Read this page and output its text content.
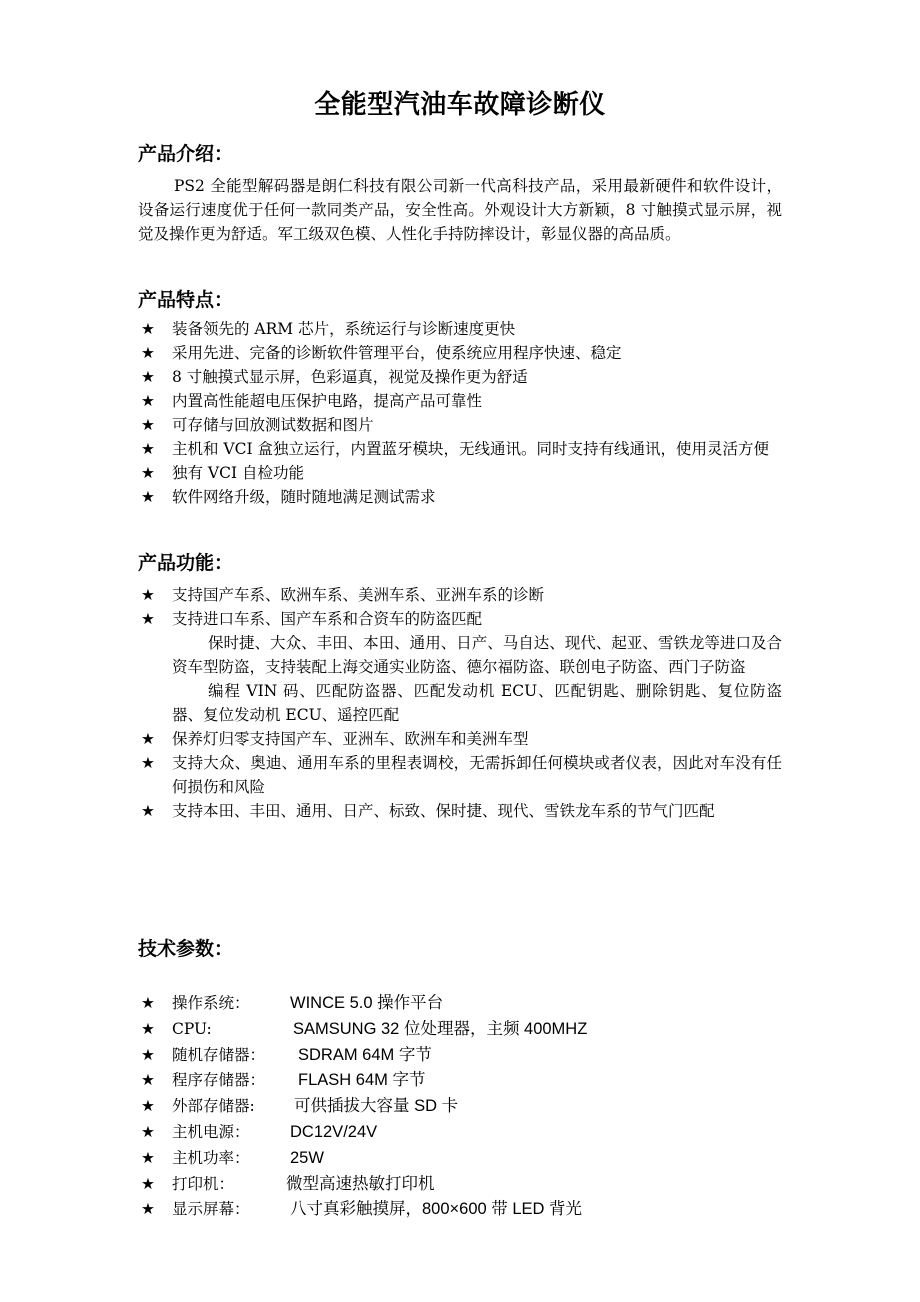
全能型汽油车故障诊断仪
产品介绍：

PS2 全能型解码器是朗仁科技有限公司新一代高科技产品，采用最新硬件和软件设计，设备运行速度优于任何一款同类产品，安全性高。外观设计大方新颖，8 寸触摸式显示屏，视觉及操作更为舒适。军工级双色模、人性化手持防摔设计，彰显仪器的高品质。

产品特点：
★ 装备领先的 ARM 芯片，系统运行与诊断速度更快
★ 采用先进、完备的诊断软件管理平台，使系统应用程序快速、稳定
★ 8 寸触摸式显示屏，色彩逼真，视觉及操作更为舒适
★ 内置高性能超电压保护电路，提高产品可靠性
★ 可存储与回放测试数据和图片
★ 主机和 VCI 盒独立运行，内置蓝牙模块，无线通讯。同时支持有线通讯，使用灵活方便
★ 独有 VCI 自检功能
★ 软件网络升级，随时随地满足测试需求
产品功能：
★ 支持国产车系、欧洲车系、美洲车系、亚洲车系的诊断
★ 支持进口车系、国产车系和合资车的防盗匹配
保时捷、大众、丰田、本田、通用、日产、马自达、现代、起亚、雪铁龙等进口及合资车型防盗，支持装配上海交通实业防盗、德尔福防盗、联创电子防盗、西门子防盗
编程 VIN 码、匹配防盗器、匹配发动机 ECU、匹配钥匙、删除钥匙、复位防盗器、复位发动机 ECU、遥控匹配
★ 保养灯归零支持国产车、亚洲车、欧洲车和美洲车型
★ 支持大众、奥迪、通用车系的里程表调校，无需拆卸任何模块或者仪表，因此对车没有任何损伤和风险
★ 支持本田、丰田、通用、日产、标致、保时捷、现代、雪铁龙车系的节气门匹配
技术参数：
★ 操作系统： WINCE 5.0 操作平台
★ CPU:	SAMSUNG 32 位处理器，主频 400MHZ
★ 随机存储器： SDRAM 64M 字节
★ 程序存储器： FLASH 64M 字节
★ 外部存储器: 可供插拔大容量 SD 卡
★ 主机电源： DC12V/24V
★ 主机功率： 25W
★ 打印机：	微型高速热敏打印机
★ 显示屏幕： 八寸真彩触摸屏，800×600 带 LED 背光
